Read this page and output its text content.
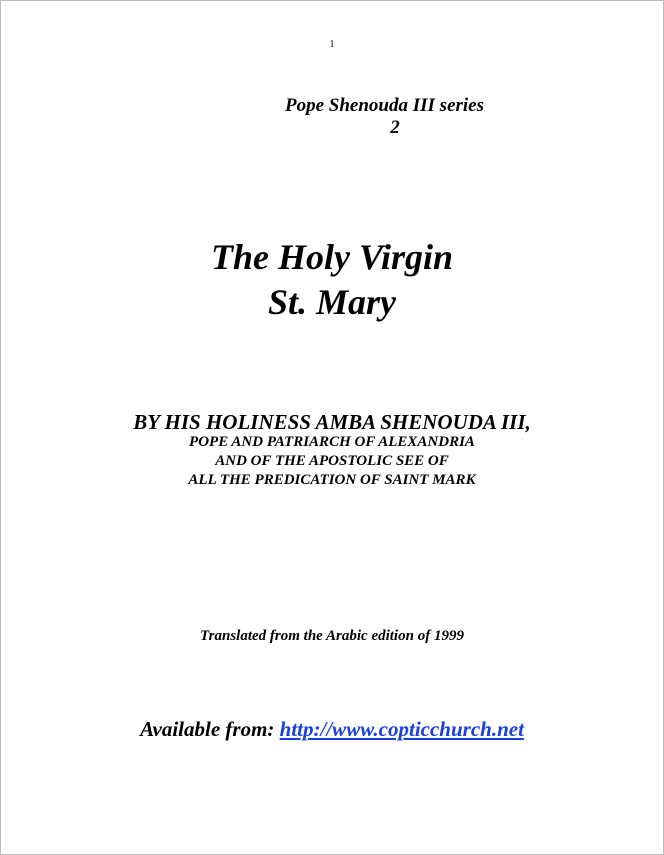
1
Pope Shenouda III series
2
The Holy Virgin
St. Mary
BY HIS HOLINESS AMBA SHENOUDA III,
POPE AND PATRIARCH OF ALEXANDRIA
AND OF THE APOSTOLIC SEE OF
ALL THE PREDICATION OF SAINT MARK
Translated from the Arabic edition of 1999
Available from: http://www.copticchurch.net
